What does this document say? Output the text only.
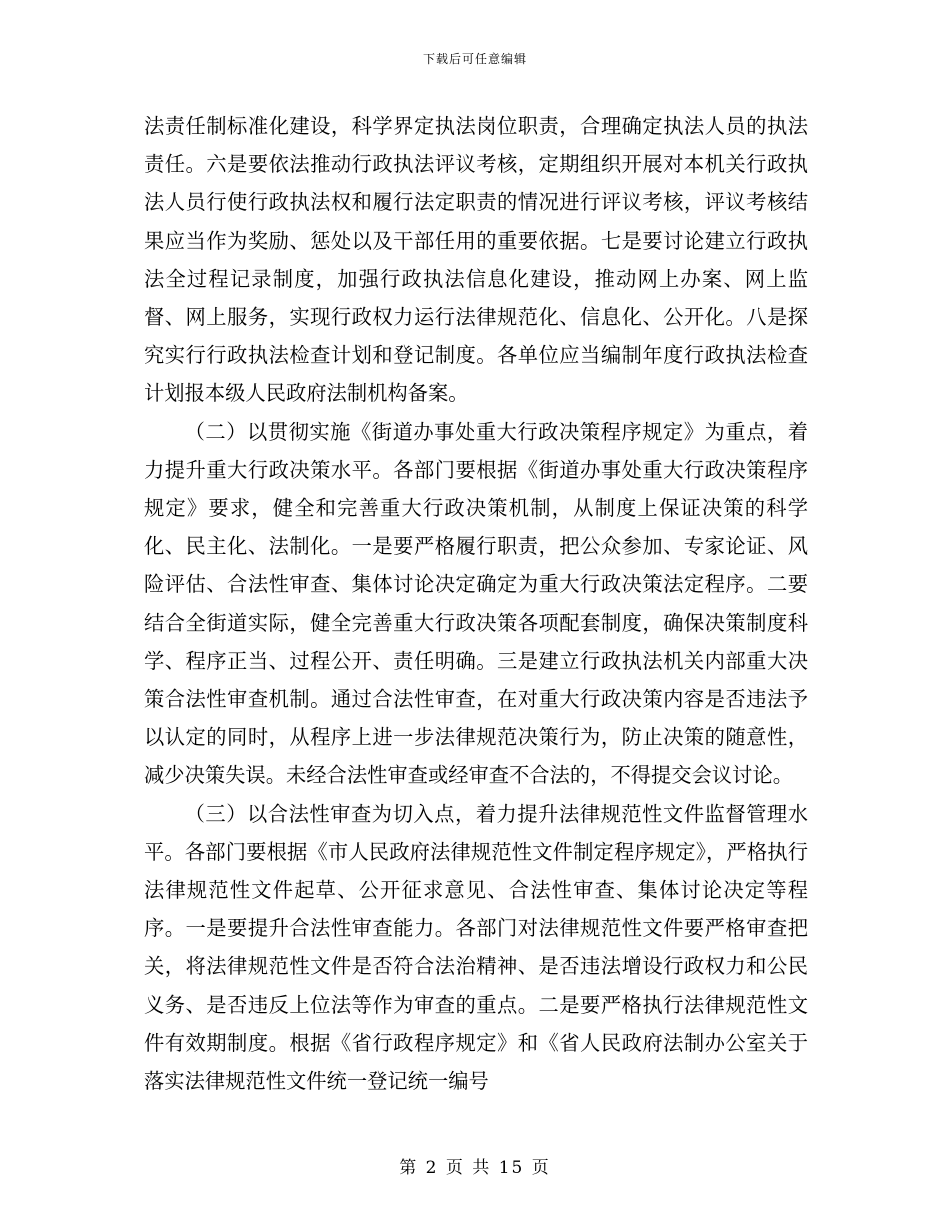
下载后可任意编辑

法责任制标准化建设，科学界定执法岗位职责，合理确定执法人员的执法责任。六是要依法推动行政执法评议考核，定期组织开展对本机关行政执法人员行使行政执法权和履行法定职责的情况进行评议考核，评议考核结果应当作为奖励、惩处以及干部任用的重要依据。七是要讨论建立行政执法全过程记录制度，加强行政执法信息化建设，推动网上办案、网上监督、网上服务，实现行政权力运行法律规范化、信息化、公开化。八是探究实行行政执法检查计划和登记制度。各单位应当编制年度行政执法检查计划报本级人民政府法制机构备案。

（二）以贯彻实施《街道办事处重大行政决策程序规定》为重点，着力提升重大行政决策水平。各部门要根据《街道办事处重大行政决策程序规定》要求，健全和完善重大行政决策机制，从制度上保证决策的科学化、民主化、法制化。一是要严格履行职责，把公众参加、专家论证、风险评估、合法性审查、集体讨论决定确定为重大行政决策法定程序。二要结合全街道实际，健全完善重大行政决策各项配套制度，确保决策制度科学、程序正当、过程公开、责任明确。三是建立行政执法机关内部重大决策合法性审查机制。通过合法性审查，在对重大行政决策内容是否违法予以认定的同时，从程序上进一步法律规范决策行为，防止决策的随意性，减少决策失误。未经合法性审查或经审查不合法的，不得提交会议讨论。

（三）以合法性审查为切入点，着力提升法律规范性文件监督管理水平。各部门要根据《市人民政府法律规范性文件制定程序规定》，严格执行法律规范性文件起草、公开征求意见、合法性审查、集体讨论决定等程序。一是要提升合法性审查能力。各部门对法律规范性文件要严格审查把关，将法律规范性文件是否符合法治精神、是否违法增设行政权力和公民义务、是否违反上位法等作为审查的重点。二是要严格执行法律规范性文件有效期制度。根据《省行政程序规定》和《省人民政府法制办公室关于落实法律规范性文件统一登记统一编号

第 2 页 共 15 页
